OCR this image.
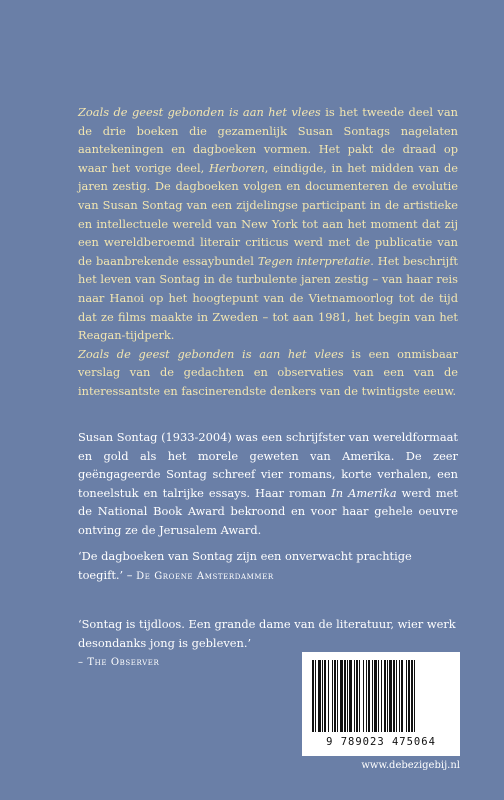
Zoals de geest gebonden is aan het vlees is het tweede deel van de drie boeken die gezamenlijk Susan Sontags nagelaten aantekeningen en dagboeken vormen. Het pakt de draad op waar het vorige deel, Herboren, eindigde, in het midden van de jaren zestig. De dagboeken volgen en documenteren de evolutie van Susan Sontag van een zijdelingse participant in de artistieke en intellectuele wereld van New York tot aan het moment dat zij een wereldberoemd literair criticus werd met de publicatie van de baanbrekende essaybundel Tegen interpretatie. Het beschrijft het leven van Sontag in de turbulente jaren zestig – van haar reis naar Hanoi op het hoogtepunt van de Vietnamoorlog tot de tijd dat ze films maakte in Zweden – tot aan 1981, het begin van het Reagan-tijdperk.
Zoals de geest gebonden is aan het vlees is een onmisbaar verslag van de gedachten en observaties van een van de interessantste en fascinerendste denkers van de twintigste eeuw.

Susan Sontag (1933-2004) was een schrijfster van wereldformaat en gold als het morele geweten van Amerika. De zeer geëngageerde Sontag schreef vier romans, korte verhalen, een toneelstuk en talrijke essays. Haar roman In Amerika werd met de National Book Award bekroond en voor haar gehele oeuvre ontving ze de Jerusalem Award.

‘De dagboeken van Sontag zijn een onverwacht prachtige toegift.’ – De Groene Amsterdammer

‘Sontag is tijdloos. Een grande dame van de literatuur, wier werk desondanks jong is gebleven.’
– The Observer

9 789023 475064
www.debezigebij.nl
